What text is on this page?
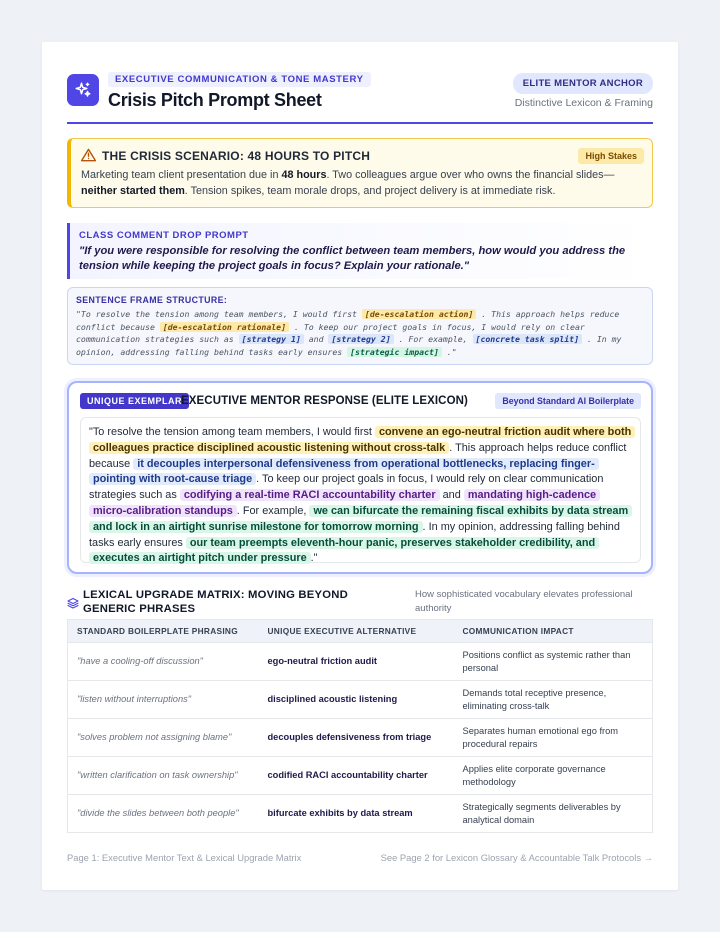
EXECUTIVE COMMUNICATION & TONE MASTERY
Crisis Pitch Prompt Sheet
ELITE MENTOR ANCHOR
Distinctive Lexicon & Framing
THE CRISIS SCENARIO: 48 HOURS TO PITCH	High Stakes
Marketing team client presentation due in 48 hours. Two colleagues argue over who owns the financial slides—neither started them. Tension spikes, team morale drops, and project delivery is at immediate risk.
CLASS COMMENT DROP PROMPT
"If you were responsible for resolving the conflict between team members, how would you address the tension while keeping the project goals in focus? Explain your rationale."
SENTENCE FRAME STRUCTURE:
"To resolve the tension among team members, I would first [de-escalation action] . This approach helps reduce conflict because [de-escalation rationale] . To keep our project goals in focus, I would rely on clear communication strategies such as [strategy 1] and [strategy 2] . For example, [concrete task split] . In my opinion, addressing falling behind tasks early ensures [strategic impact] ."
UNIQUE EXEMPLAR
EXECUTIVE MENTOR RESPONSE (ELITE LEXICON)	Beyond Standard AI Boilerplate
"To resolve the tension among team members, I would first convene an ego-neutral friction audit where both colleagues practice disciplined acoustic listening without cross-talk . This approach helps reduce conflict because it decouples interpersonal defensiveness from operational bottlenecks, replacing finger-pointing with root-cause triage . To keep our project goals in focus, I would rely on clear communication strategies such as codifying a real-time RACI accountability charter and mandating high-cadence micro-calibration standups . For example, we can bifurcate the remaining fiscal exhibits by data stream and lock in an airtight sunrise milestone for tomorrow morning . In my opinion, addressing falling behind tasks early ensures our team preempts eleventh-hour panic, preserves stakeholder credibility, and executes an airtight pitch under pressure ."
LEXICAL UPGRADE MATRIX: MOVING BEYOND GENERIC PHRASES
How sophisticated vocabulary elevates professional authority
STANDARD BOILERPLATE PHRASING	UNIQUE EXECUTIVE ALTERNATIVE	COMMUNICATION IMPACT
"have a cooling-off discussion"	ego-neutral friction audit	Positions conflict as systemic rather than personal
"listen without interruptions"	disciplined acoustic listening	Demands total receptive presence, eliminating cross-talk
"solves problem not assigning blame"	decouples defensiveness from triage	Separates human emotional ego from procedural repairs
"written clarification on task ownership"	codified RACI accountability charter	Applies elite corporate governance methodology
"divide the slides between both people"	bifurcate exhibits by data stream	Strategically segments deliverables by analytical domain
Page 1: Executive Mentor Text & Lexical Upgrade Matrix	See Page 2 for Lexicon Glossary & Accountable Talk Protocols →
